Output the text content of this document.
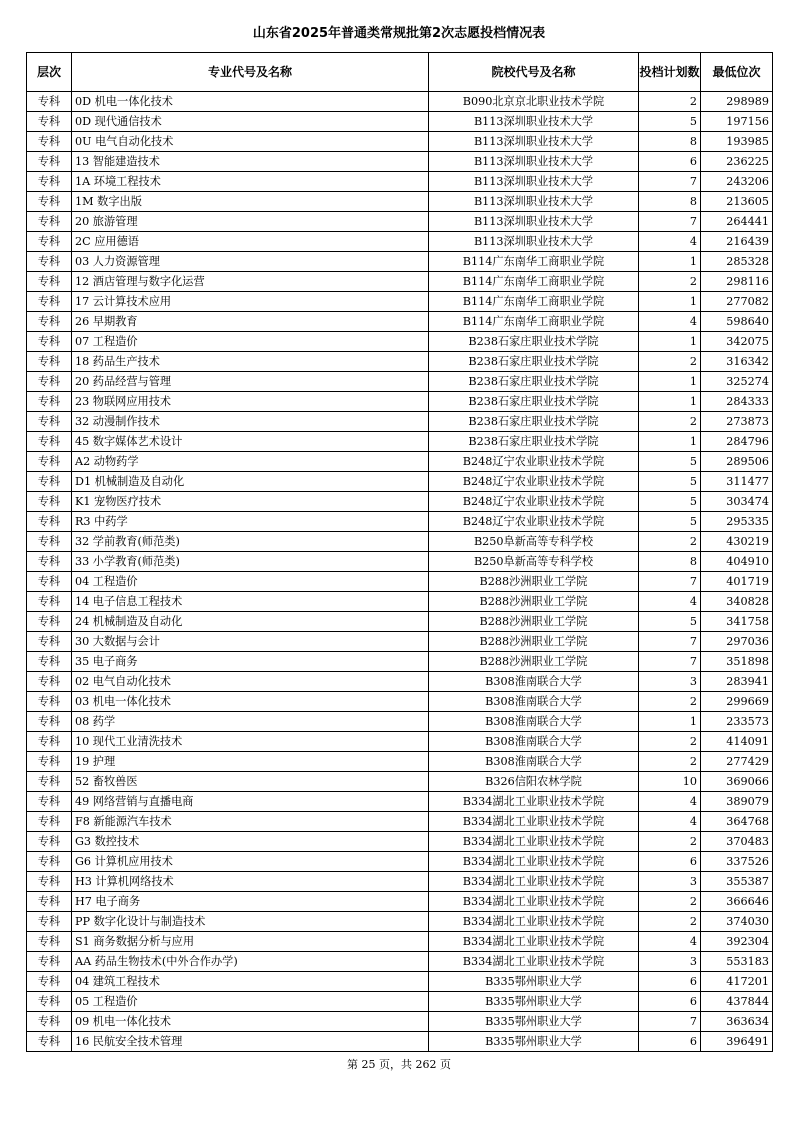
山东省2025年普通类常规批第2次志愿投档情况表
层次	专业代号及名称	院校代号及名称	投档计划数	最低位次
专科	0D 机电一体化技术	B090北京京北职业技术学院	2	298989
专科	0D 现代通信技术	B113深圳职业技术大学	5	197156
专科	0U 电气自动化技术	B113深圳职业技术大学	8	193985
专科	13 智能建造技术	B113深圳职业技术大学	6	236225
专科	1A 环境工程技术	B113深圳职业技术大学	7	243206
专科	1M 数字出版	B113深圳职业技术大学	8	213605
专科	20 旅游管理	B113深圳职业技术大学	7	264441
专科	2C 应用德语	B113深圳职业技术大学	4	216439
专科	03 人力资源管理	B114广东南华工商职业学院	1	285328
专科	12 酒店管理与数字化运营	B114广东南华工商职业学院	2	298116
专科	17 云计算技术应用	B114广东南华工商职业学院	1	277082
专科	26 早期教育	B114广东南华工商职业学院	4	598640
专科	07 工程造价	B238石家庄职业技术学院	1	342075
专科	18 药品生产技术	B238石家庄职业技术学院	2	316342
专科	20 药品经营与管理	B238石家庄职业技术学院	1	325274
专科	23 物联网应用技术	B238石家庄职业技术学院	1	284333
专科	32 动漫制作技术	B238石家庄职业技术学院	2	273873
专科	45 数字媒体艺术设计	B238石家庄职业技术学院	1	284796
专科	A2 动物药学	B248辽宁农业职业技术学院	5	289506
专科	D1 机械制造及自动化	B248辽宁农业职业技术学院	5	311477
专科	K1 宠物医疗技术	B248辽宁农业职业技术学院	5	303474
专科	R3 中药学	B248辽宁农业职业技术学院	5	295335
专科	32 学前教育(师范类)	B250阜新高等专科学校	2	430219
专科	33 小学教育(师范类)	B250阜新高等专科学校	8	404910
专科	04 工程造价	B288沙洲职业工学院	7	401719
专科	14 电子信息工程技术	B288沙洲职业工学院	4	340828
专科	24 机械制造及自动化	B288沙洲职业工学院	5	341758
专科	30 大数据与会计	B288沙洲职业工学院	7	297036
专科	35 电子商务	B288沙洲职业工学院	7	351898
专科	02 电气自动化技术	B308淮南联合大学	3	283941
专科	03 机电一体化技术	B308淮南联合大学	2	299669
专科	08 药学	B308淮南联合大学	1	233573
专科	10 现代工业清洗技术	B308淮南联合大学	2	414091
专科	19 护理	B308淮南联合大学	2	277429
专科	52 畜牧兽医	B326信阳农林学院	10	369066
专科	49 网络营销与直播电商	B334湖北工业职业技术学院	4	389079
专科	F8 新能源汽车技术	B334湖北工业职业技术学院	4	364768
专科	G3 数控技术	B334湖北工业职业技术学院	2	370483
专科	G6 计算机应用技术	B334湖北工业职业技术学院	6	337526
专科	H3 计算机网络技术	B334湖北工业职业技术学院	3	355387
专科	H7 电子商务	B334湖北工业职业技术学院	2	366646
专科	PP 数字化设计与制造技术	B334湖北工业职业技术学院	2	374030
专科	S1 商务数据分析与应用	B334湖北工业职业技术学院	4	392304
专科	AA 药品生物技术(中外合作办学)	B334湖北工业职业技术学院	3	553183
专科	04 建筑工程技术	B335鄂州职业大学	6	417201
专科	05 工程造价	B335鄂州职业大学	6	437844
专科	09 机电一体化技术	B335鄂州职业大学	7	363634
专科	16 民航安全技术管理	B335鄂州职业大学	6	396491
第 25 页，共 262 页
